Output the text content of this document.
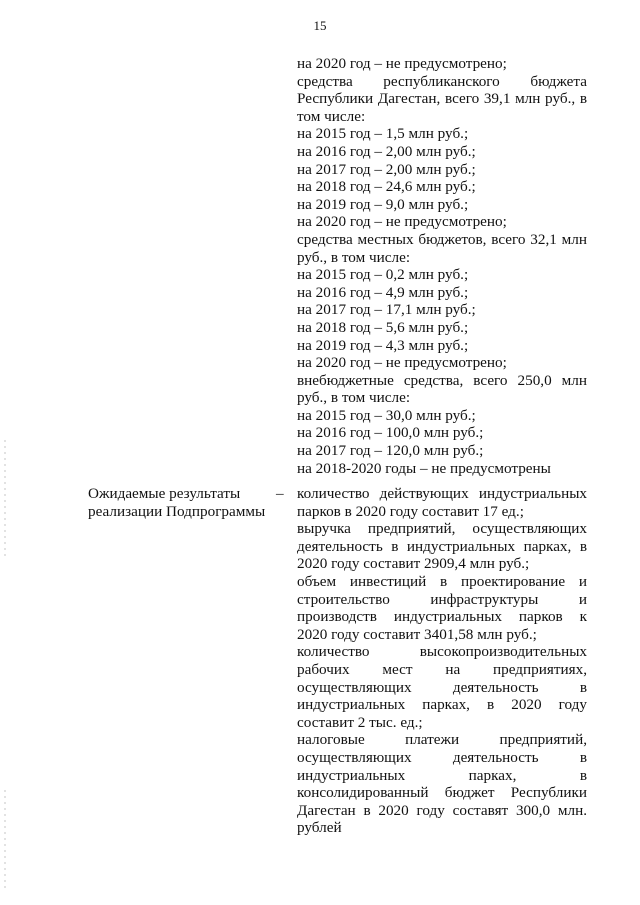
15
на 2020 год – не предусмотрено;
средства республиканского бюджета
Республики Дагестан, всего 39,1 млн руб., в
том числе:
на 2015 год – 1,5 млн руб.;
на 2016 год – 2,00 млн руб.;
на 2017 год – 2,00 млн руб.;
на 2018 год – 24,6 млн руб.;
на 2019 год – 9,0 млн руб.;
на 2020 год – не предусмотрено;
средства местных бюджетов, всего 32,1 млн
руб., в том числе:
на 2015 год – 0,2 млн руб.;
на 2016 год – 4,9 млн руб.;
на 2017 год – 17,1 млн руб.;
на 2018 год – 5,6 млн руб.;
на 2019 год – 4,3 млн руб.;
на 2020 год – не предусмотрено;
внебюджетные средства, всего 250,0 млн
руб., в том числе:
на 2015 год – 30,0 млн руб.;
на 2016 год – 100,0 млн руб.;
на 2017 год – 120,0 млн руб.;
на 2018-2020 годы – не предусмотрены
Ожидаемые результаты
реализации Подпрограммы
– количество действующих индустриальных
парков в 2020 году составит 17 ед.;
выручка предприятий, осуществляющих
деятельность в индустриальных парках, в
2020 году составит 2909,4 млн руб.;
объем инвестиций в проектирование и
строительство инфраструктуры и
производств индустриальных парков к
2020 году составит 3401,58 млн руб.;
количество высокопроизводительных
рабочих мест на предприятиях,
осуществляющих деятельность в
индустриальных парках, в 2020 году
составит 2 тыс. ед.;
налоговые платежи предприятий,
осуществляющих деятельность в
индустриальных парках, в
консолидированный бюджет Республики
Дагестан в 2020 году составят 300,0 млн.
рублей
